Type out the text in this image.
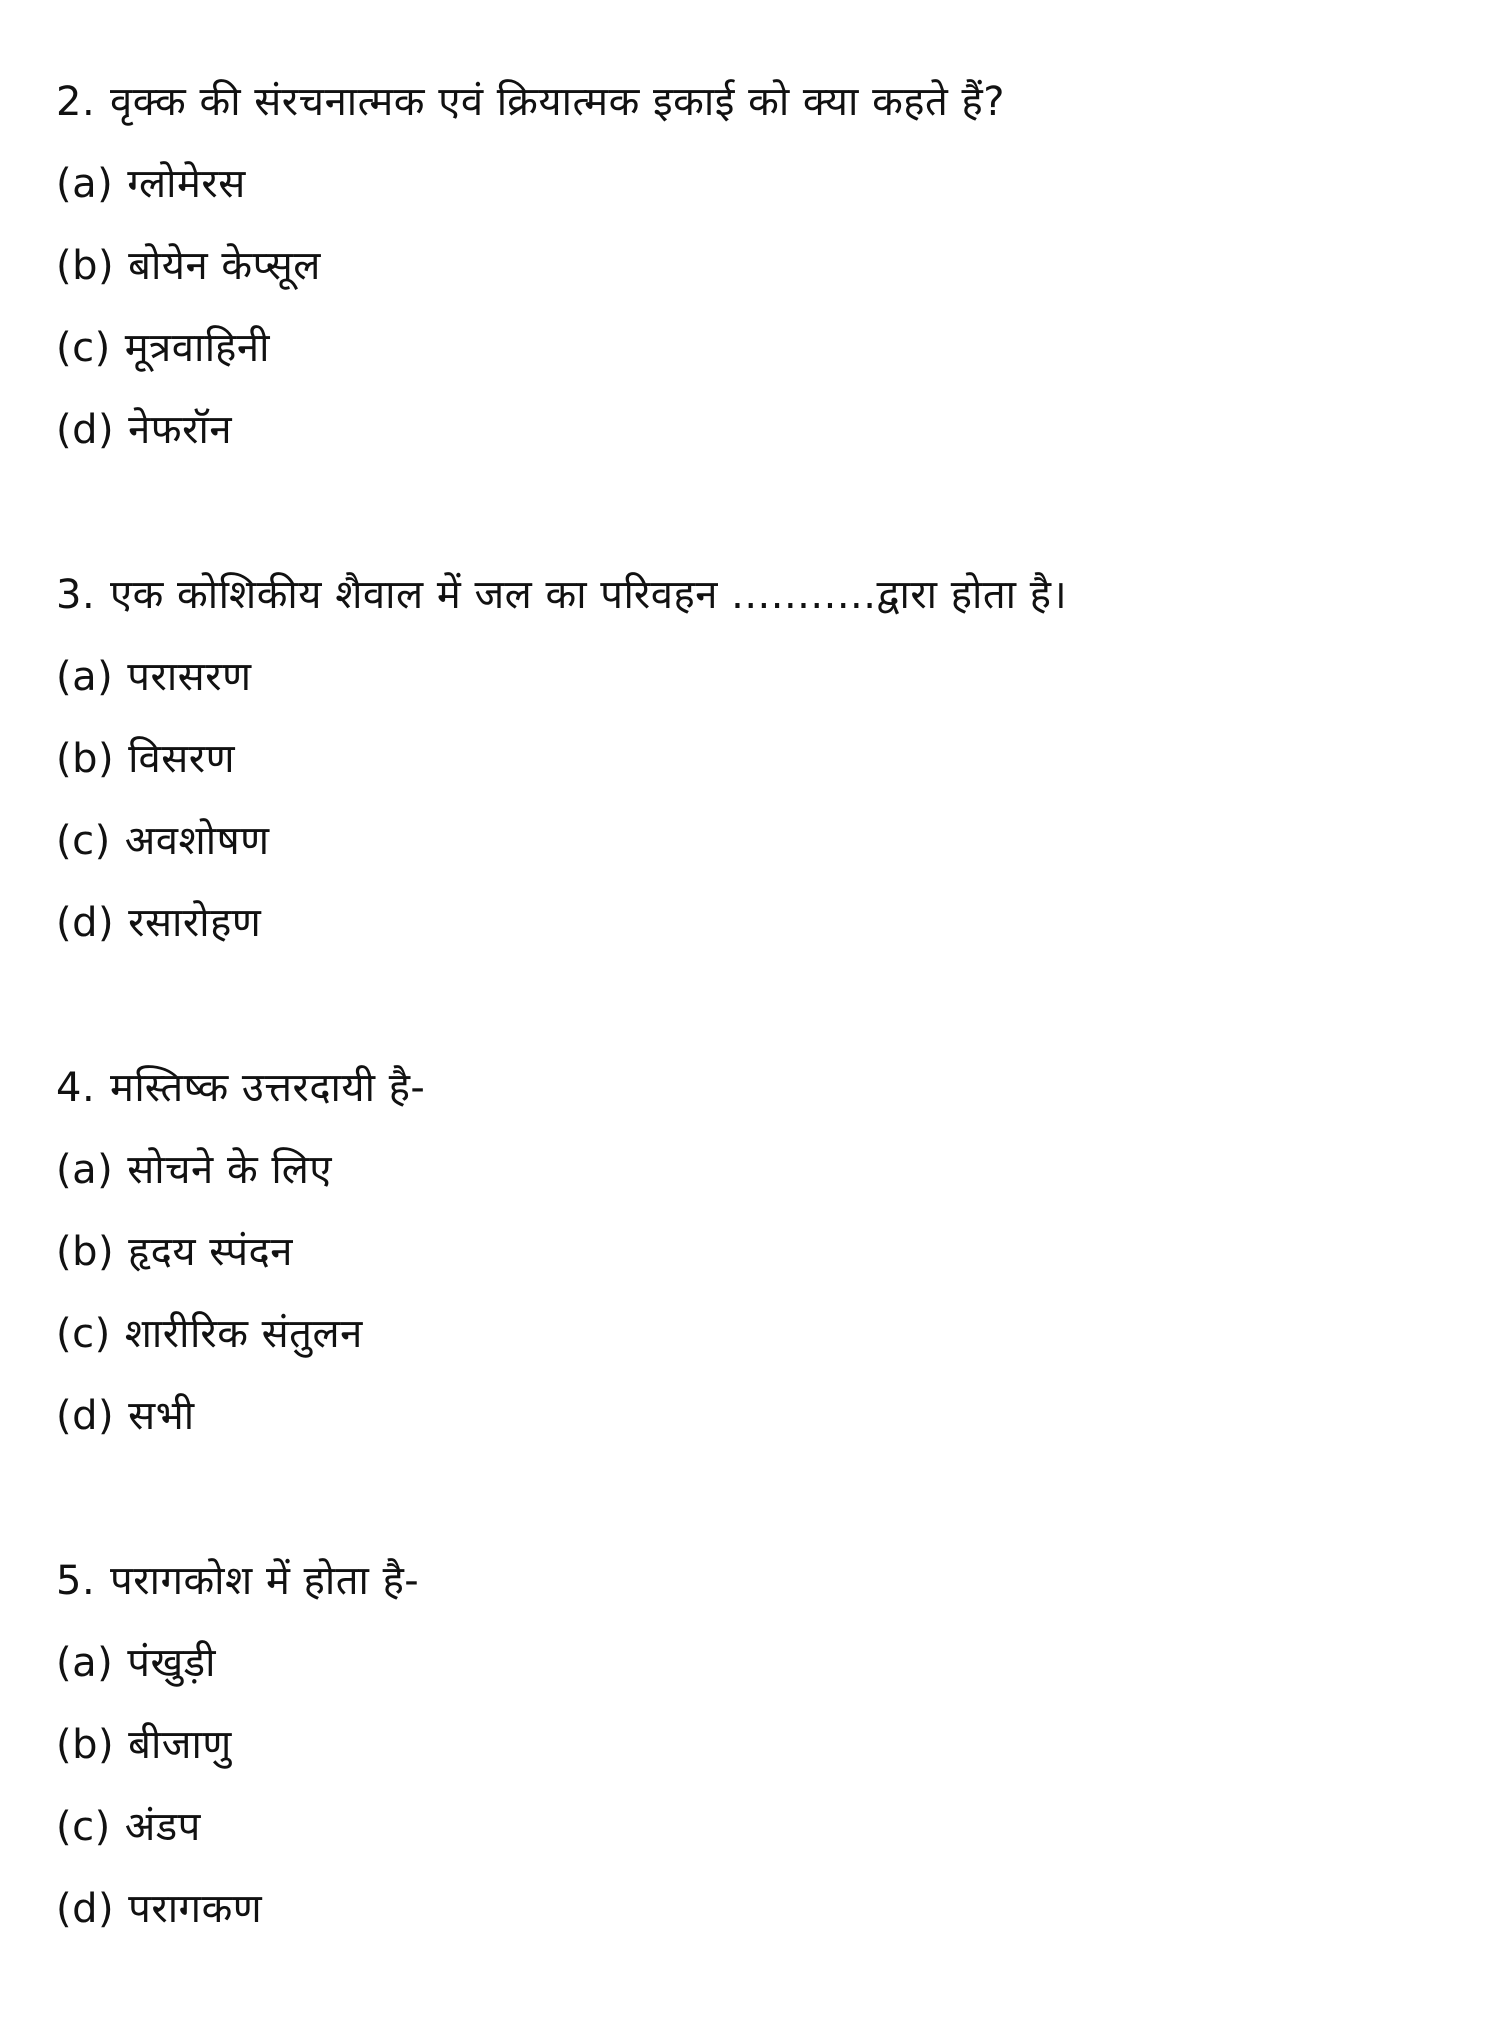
2. वृक्क की संरचनात्मक एवं क्रियात्मक इकाई को क्या कहते हैं?
(a) ग्लोमेरस
(b) बोयेन केप्सूल
(c) मूत्रवाहिनी
(d) नेफरॉन
3. एक कोशिकीय शैवाल में जल का परिवहन ...........द्वारा होता है।
(a) परासरण
(b) विसरण
(c) अवशोषण
(d) रसारोहण
4. मस्तिष्क उत्तरदायी है-
(a) सोचने के लिए
(b) हृदय स्पंदन
(c) शारीरिक संतुलन
(d) सभी
5. परागकोश में होता है-
(a) पंखुड़ी
(b) बीजाणु
(c) अंडप
(d) परागकण
